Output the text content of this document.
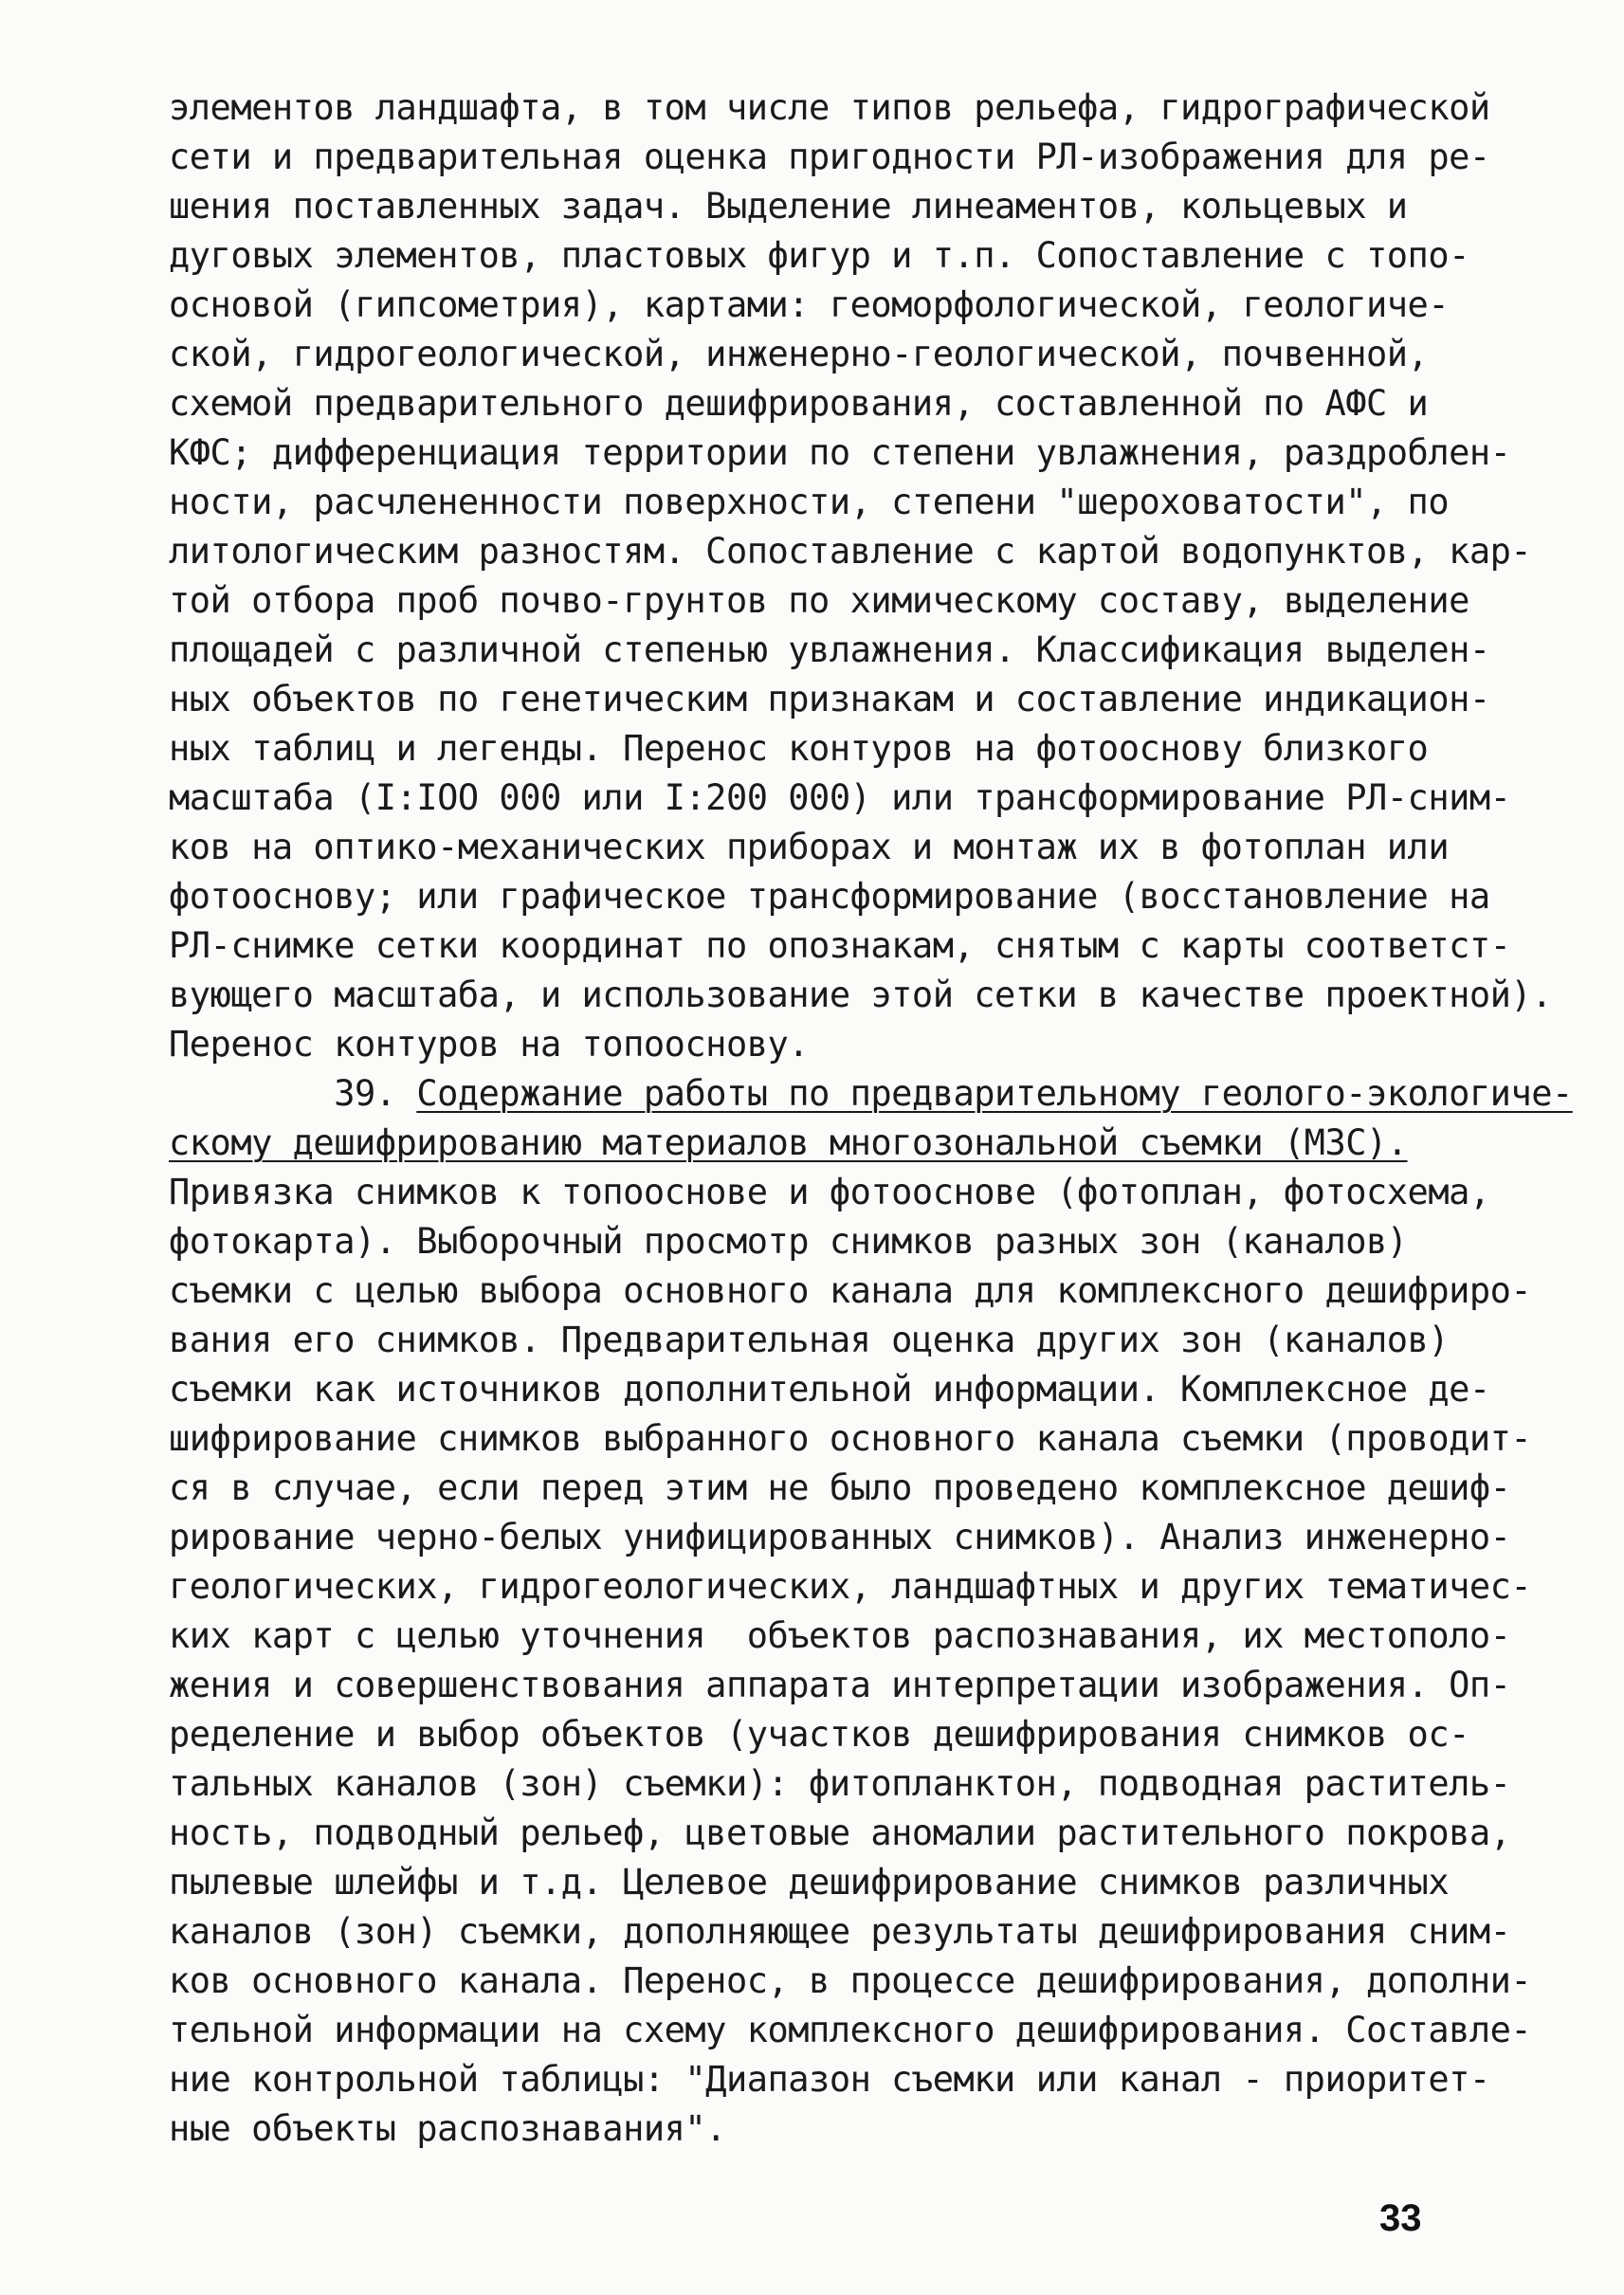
элементов ландшафта, в том числе типов рельефа, гидрографической
сети и предварительная оценка пригодности РЛ-изображения для ре-
шения поставленных задач. Выделение линеаментов, кольцевых и
дуговых элементов, пластовых фигур и т.п. Сопоставление с топо-
основой (гипсометрия), картами: геоморфологической, геологиче-
ской, гидрогеологической, инженерно-геологической, почвенной,
схемой предварительного дешифрирования, составленной по АФС и
КФС; дифференциация территории по степени увлажнения, раздроблен-
ности, расчлененности поверхности, степени "шероховатости", по
литологическим разностям. Сопоставление с картой водопунктов, кар-
той отбора проб почво-грунтов по химическому составу, выделение
площадей с различной степенью увлажнения. Классификация выделен-
ных объектов по генетическим признакам и составление индикацион-
ных таблиц и легенды. Перенос контуров на фотооснову близкого
масштаба (I:IOO 000 или I:200 000) или трансформирование РЛ-сним-
ков на оптико-механических приборах и монтаж их в фотоплан или
фотооснову; или графическое трансформирование (восстановление на
РЛ-снимке сетки координат по опознакам, снятым с карты соответст-
вующего масштаба, и использование этой сетки в качестве проектной).
Перенос контуров на топооснову.
39. Содержание работы по предварительному геолого-экологиче-
скому дешифрированию материалов многозональной съемки (МЗС).
Привязка снимков к топооснове и фотооснове (фотоплан, фотосхема,
фотокарта). Выборочный просмотр снимков разных зон (каналов)
съемки с целью выбора основного канала для комплексного дешифриро-
вания его снимков. Предварительная оценка других зон (каналов)
съемки как источников дополнительной информации. Комплексное де-
шифрирование снимков выбранного основного канала съемки (проводит-
ся в случае, если перед этим не было проведено комплексное дешиф-
рирование черно-белых унифицированных снимков). Анализ инженерно-
геологических, гидрогеологических, ландшафтных и других тематичес-
ких карт с целью уточнения  объектов распознавания, их местополо-
жения и совершенствования аппарата интерпретации изображения. Оп-
ределение и выбор объектов (участков дешифрирования снимков ос-
тальных каналов (зон) съемки): фитопланктон, подводная раститель-
ность, подводный рельеф, цветовые аномалии растительного покрова,
пылевые шлейфы и т.д. Целевое дешифрирование снимков различных
каналов (зон) съемки, дополняющее результаты дешифрирования сним-
ков основного канала. Перенос, в процессе дешифрирования, дополни-
тельной информации на схему комплексного дешифрирования. Составле-
ние контрольной таблицы: "Диапазон съемки или канал - приоритет-
ные объекты распознавания".
33
